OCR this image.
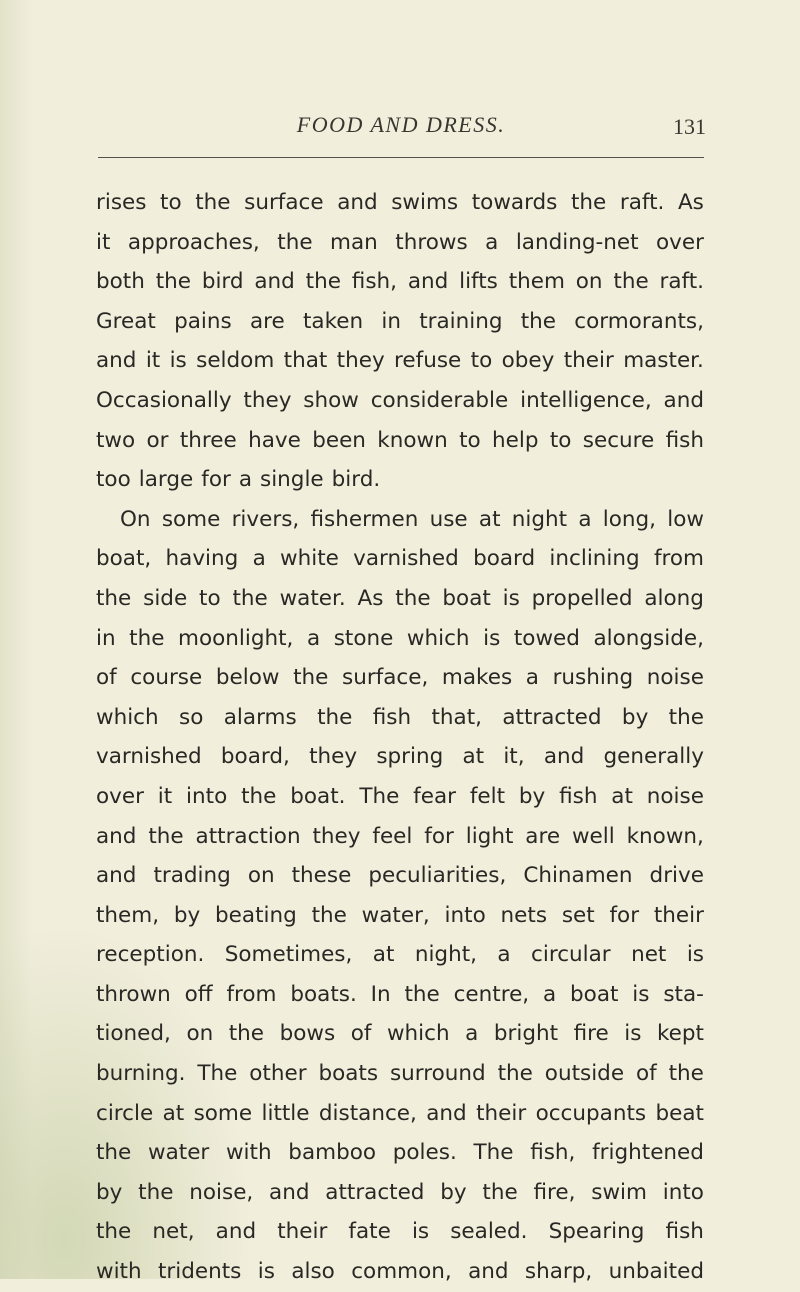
FOOD AND DRESS.	131
rises to the surface and swims towards the raft. As
it approaches, the man throws a landing-net over
both the bird and the fish, and lifts them on the raft.
Great pains are taken in training the cormorants,
and it is seldom that they refuse to obey their master.
Occasionally they show considerable intelligence, and
two or three have been known to help to secure fish
too large for a single bird.
On some rivers, fishermen use at night a long, low
boat, having a white varnished board inclining from
the side to the water. As the boat is propelled along
in the moonlight, a stone which is towed alongside,
of course below the surface, makes a rushing noise
which so alarms the fish that, attracted by the
varnished board, they spring at it, and generally
over it into the boat. The fear felt by fish at noise
and the attraction they feel for light are well known,
and trading on these peculiarities, Chinamen drive
them, by beating the water, into nets set for their
reception. Sometimes, at night, a circular net is
thrown off from boats. In the centre, a boat is sta-
tioned, on the bows of which a bright fire is kept
burning. The other boats surround the outside of the
circle at some little distance, and their occupants beat
the water with bamboo poles. The fish, frightened
by the noise, and attracted by the fire, swim into
the net, and their fate is sealed. Spearing fish
with tridents is also common, and sharp, unbaited
